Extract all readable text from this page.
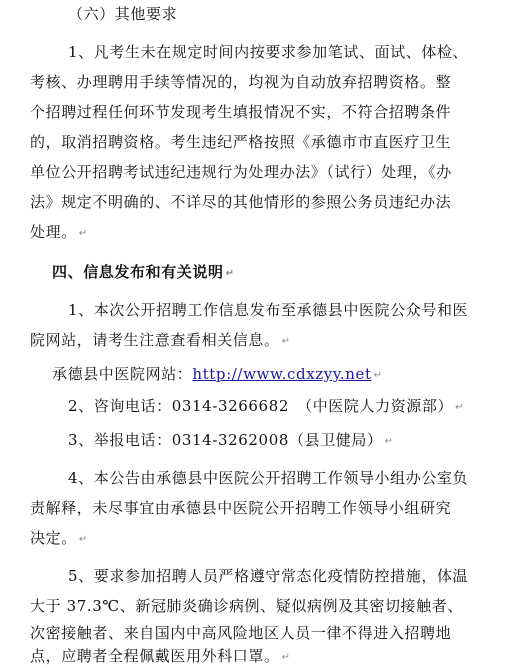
（六）其他要求
1、凡考生未在规定时间内按要求参加笔试、面试、体检、
考核、办理聘用手续等情况的，均视为自动放弃招聘资格。整
个招聘过程任何环节发现考生填报情况不实，不符合招聘条件
的，取消招聘资格。考生违纪严格按照《承德市市直医疗卫生
单位公开招聘考试违纪违规行为处理办法》（试行）处理，《办
法》规定不明确的、不详尽的其他情形的参照公务员违纪办法
处理。 ↵
四、信息发布和有关说明 ↵
1、本次公开招聘工作信息发布至承德县中医院公众号和医
院网站，请考生注意查看相关信息。 ↵
承德县中医院网站：http://www.cdxzyy.net ↵
2、咨询电话：0314-3266682　（中医院人力资源部） ↵
3、举报电话：0314-3262008（县卫健局） ↵
4、本公告由承德县中医院公开招聘工作领导小组办公室负
责解释，未尽事宜由承德县中医院公开招聘工作领导小组研究
决定。 ↵
5、要求参加招聘人员严格遵守常态化疫情防控措施，体温
大于 37.3℃、新冠肺炎确诊病例、疑似病例及其密切接触者、
次密接触者、来自国内中高风险地区人员一律不得进入招聘地
点，应聘者全程佩戴医用外科口罩。 ↵
